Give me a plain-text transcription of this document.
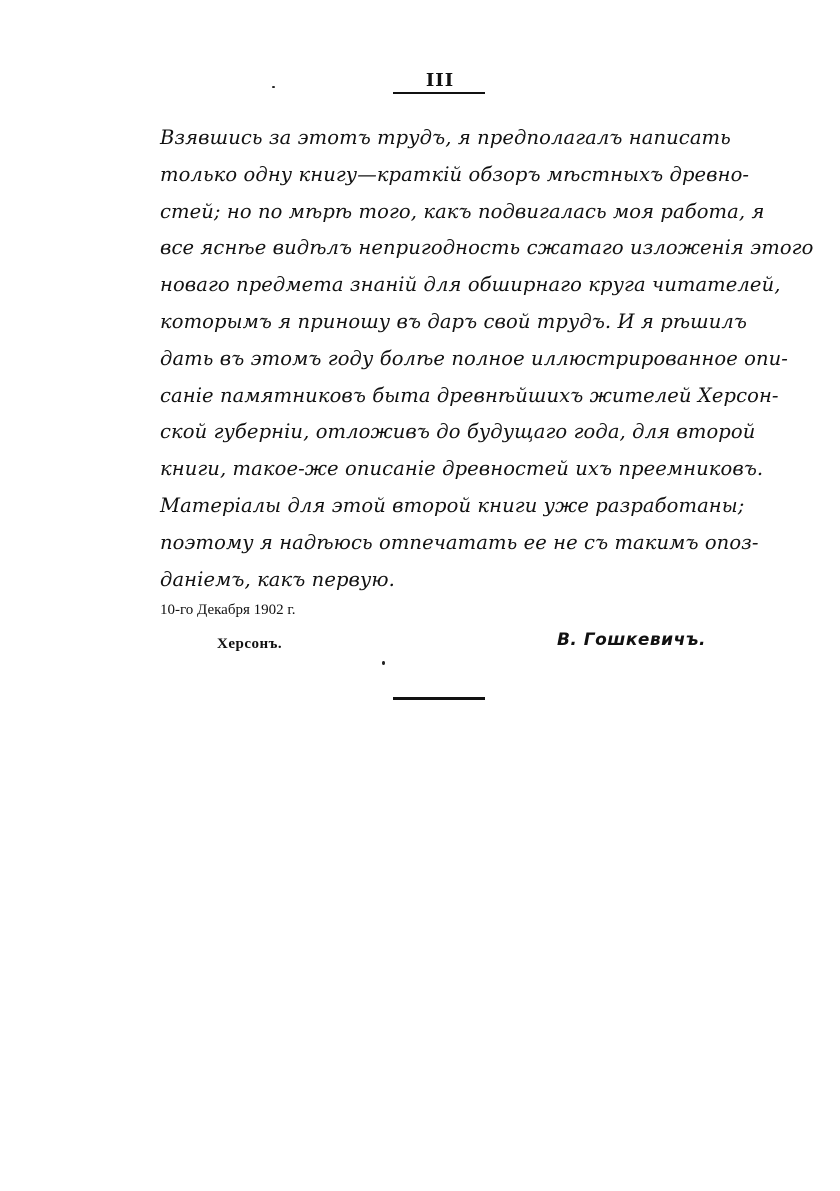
III
Взявшись за этотъ трудъ, я предполагалъ написать
только одну книгу—краткій обзоръ мѣстныхъ древно-
стей; но по мѣрѣ того, какъ подвигалась моя работа, я
все яснѣе видѣлъ непригодность сжатаго изложенія этого
новаго предмета знаній для обширнаго круга читателей,
которымъ я приношу въ даръ свой трудъ. И я рѣшилъ
дать въ этомъ году болѣе полное иллюстрированное опи-
саніе памятниковъ быта древнѣйшихъ жителей Херсон-
ской губерніи, отложивъ до будущаго года, для второй
книги, такое-же описаніе древностей ихъ преемниковъ.
Матеріалы для этой второй книги уже разработаны;
поэтому я надѣюсь отпечатать ее не съ такимъ опоз-
даніемъ, какъ первую.
10-го Декабря 1902 г.
Херсонъ.	В. Гошкевичъ.
